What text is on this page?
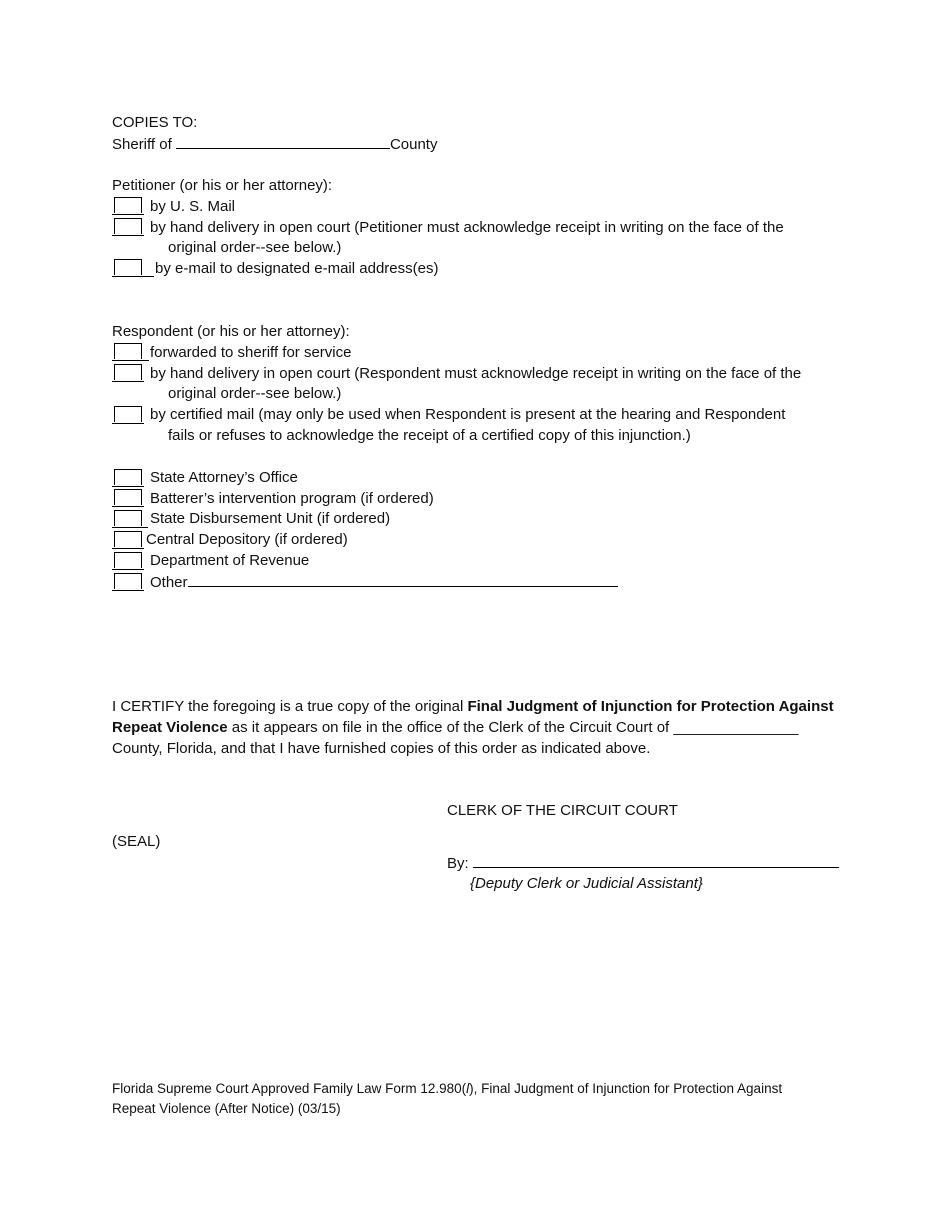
COPIES TO:
Sheriff of	County
Petitioner (or his or her attorney):
by U. S. Mail
by hand delivery in open court (Petitioner must acknowledge receipt in writing on the face of the
original order--see below.)
by e-mail to designated e-mail address(es)
Respondent (or his or her attorney):
forwarded to sheriff for service
by hand delivery in open court (Respondent must acknowledge receipt in writing on the face of the
original order--see below.)
by certified mail (may only be used when Respondent is present at the hearing and Respondent
fails or refuses to acknowledge the receipt of a certified copy of this injunction.)
State Attorney’s Office
Batterer’s intervention program (if ordered)
State Disbursement Unit (if ordered)
Central Depository (if ordered)
Department of Revenue
Other
I CERTIFY the foregoing is a true copy of the original Final Judgment of Injunction for Protection Against Repeat Violence as it appears on file in the office of the Clerk of the Circuit Court of _______________ County, Florida, and that I have furnished copies of this order as indicated above.
CLERK OF THE CIRCUIT COURT
(SEAL)
By:
{Deputy Clerk or Judicial Assistant}
Florida Supreme Court Approved Family Law Form 12.980(l), Final Judgment of Injunction for Protection Against
Repeat Violence (After Notice) (03/15)
